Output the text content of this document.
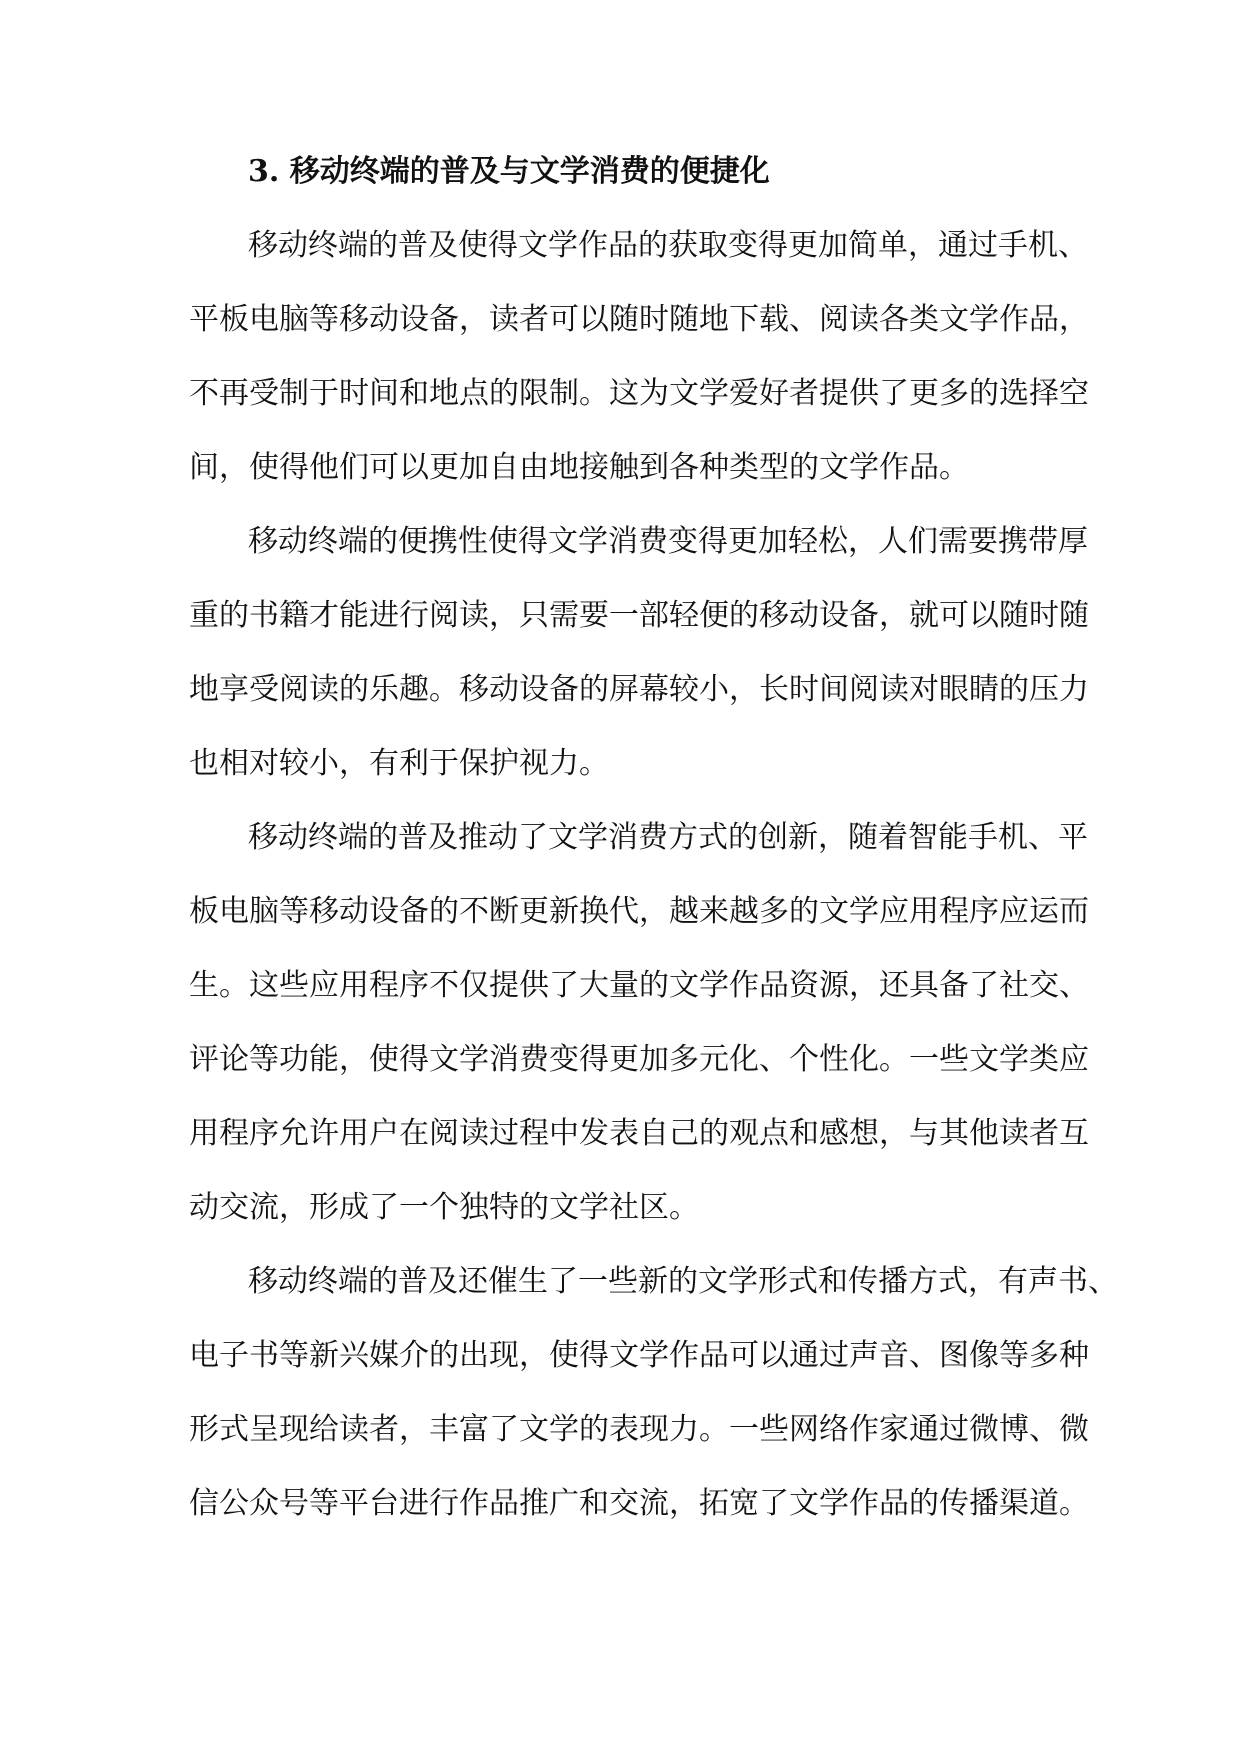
3. 移动终端的普及与文学消费的便捷化
移动终端的普及使得文学作品的获取变得更加简单，通过手机、
平板电脑等移动设备，读者可以随时随地下载、阅读各类文学作品，
不再受制于时间和地点的限制。这为文学爱好者提供了更多的选择空
间，使得他们可以更加自由地接触到各种类型的文学作品。
移动终端的便携性使得文学消费变得更加轻松，人们需要携带厚
重的书籍才能进行阅读，只需要一部轻便的移动设备，就可以随时随
地享受阅读的乐趣。移动设备的屏幕较小，长时间阅读对眼睛的压力
也相对较小，有利于保护视力。
移动终端的普及推动了文学消费方式的创新，随着智能手机、平
板电脑等移动设备的不断更新换代，越来越多的文学应用程序应运而
生。这些应用程序不仅提供了大量的文学作品资源，还具备了社交、
评论等功能，使得文学消费变得更加多元化、个性化。一些文学类应
用程序允许用户在阅读过程中发表自己的观点和感想，与其他读者互
动交流，形成了一个独特的文学社区。
移动终端的普及还催生了一些新的文学形式和传播方式，有声书、
电子书等新兴媒介的出现，使得文学作品可以通过声音、图像等多种
形式呈现给读者，丰富了文学的表现力。一些网络作家通过微博、微
信公众号等平台进行作品推广和交流，拓宽了文学作品的传播渠道。
